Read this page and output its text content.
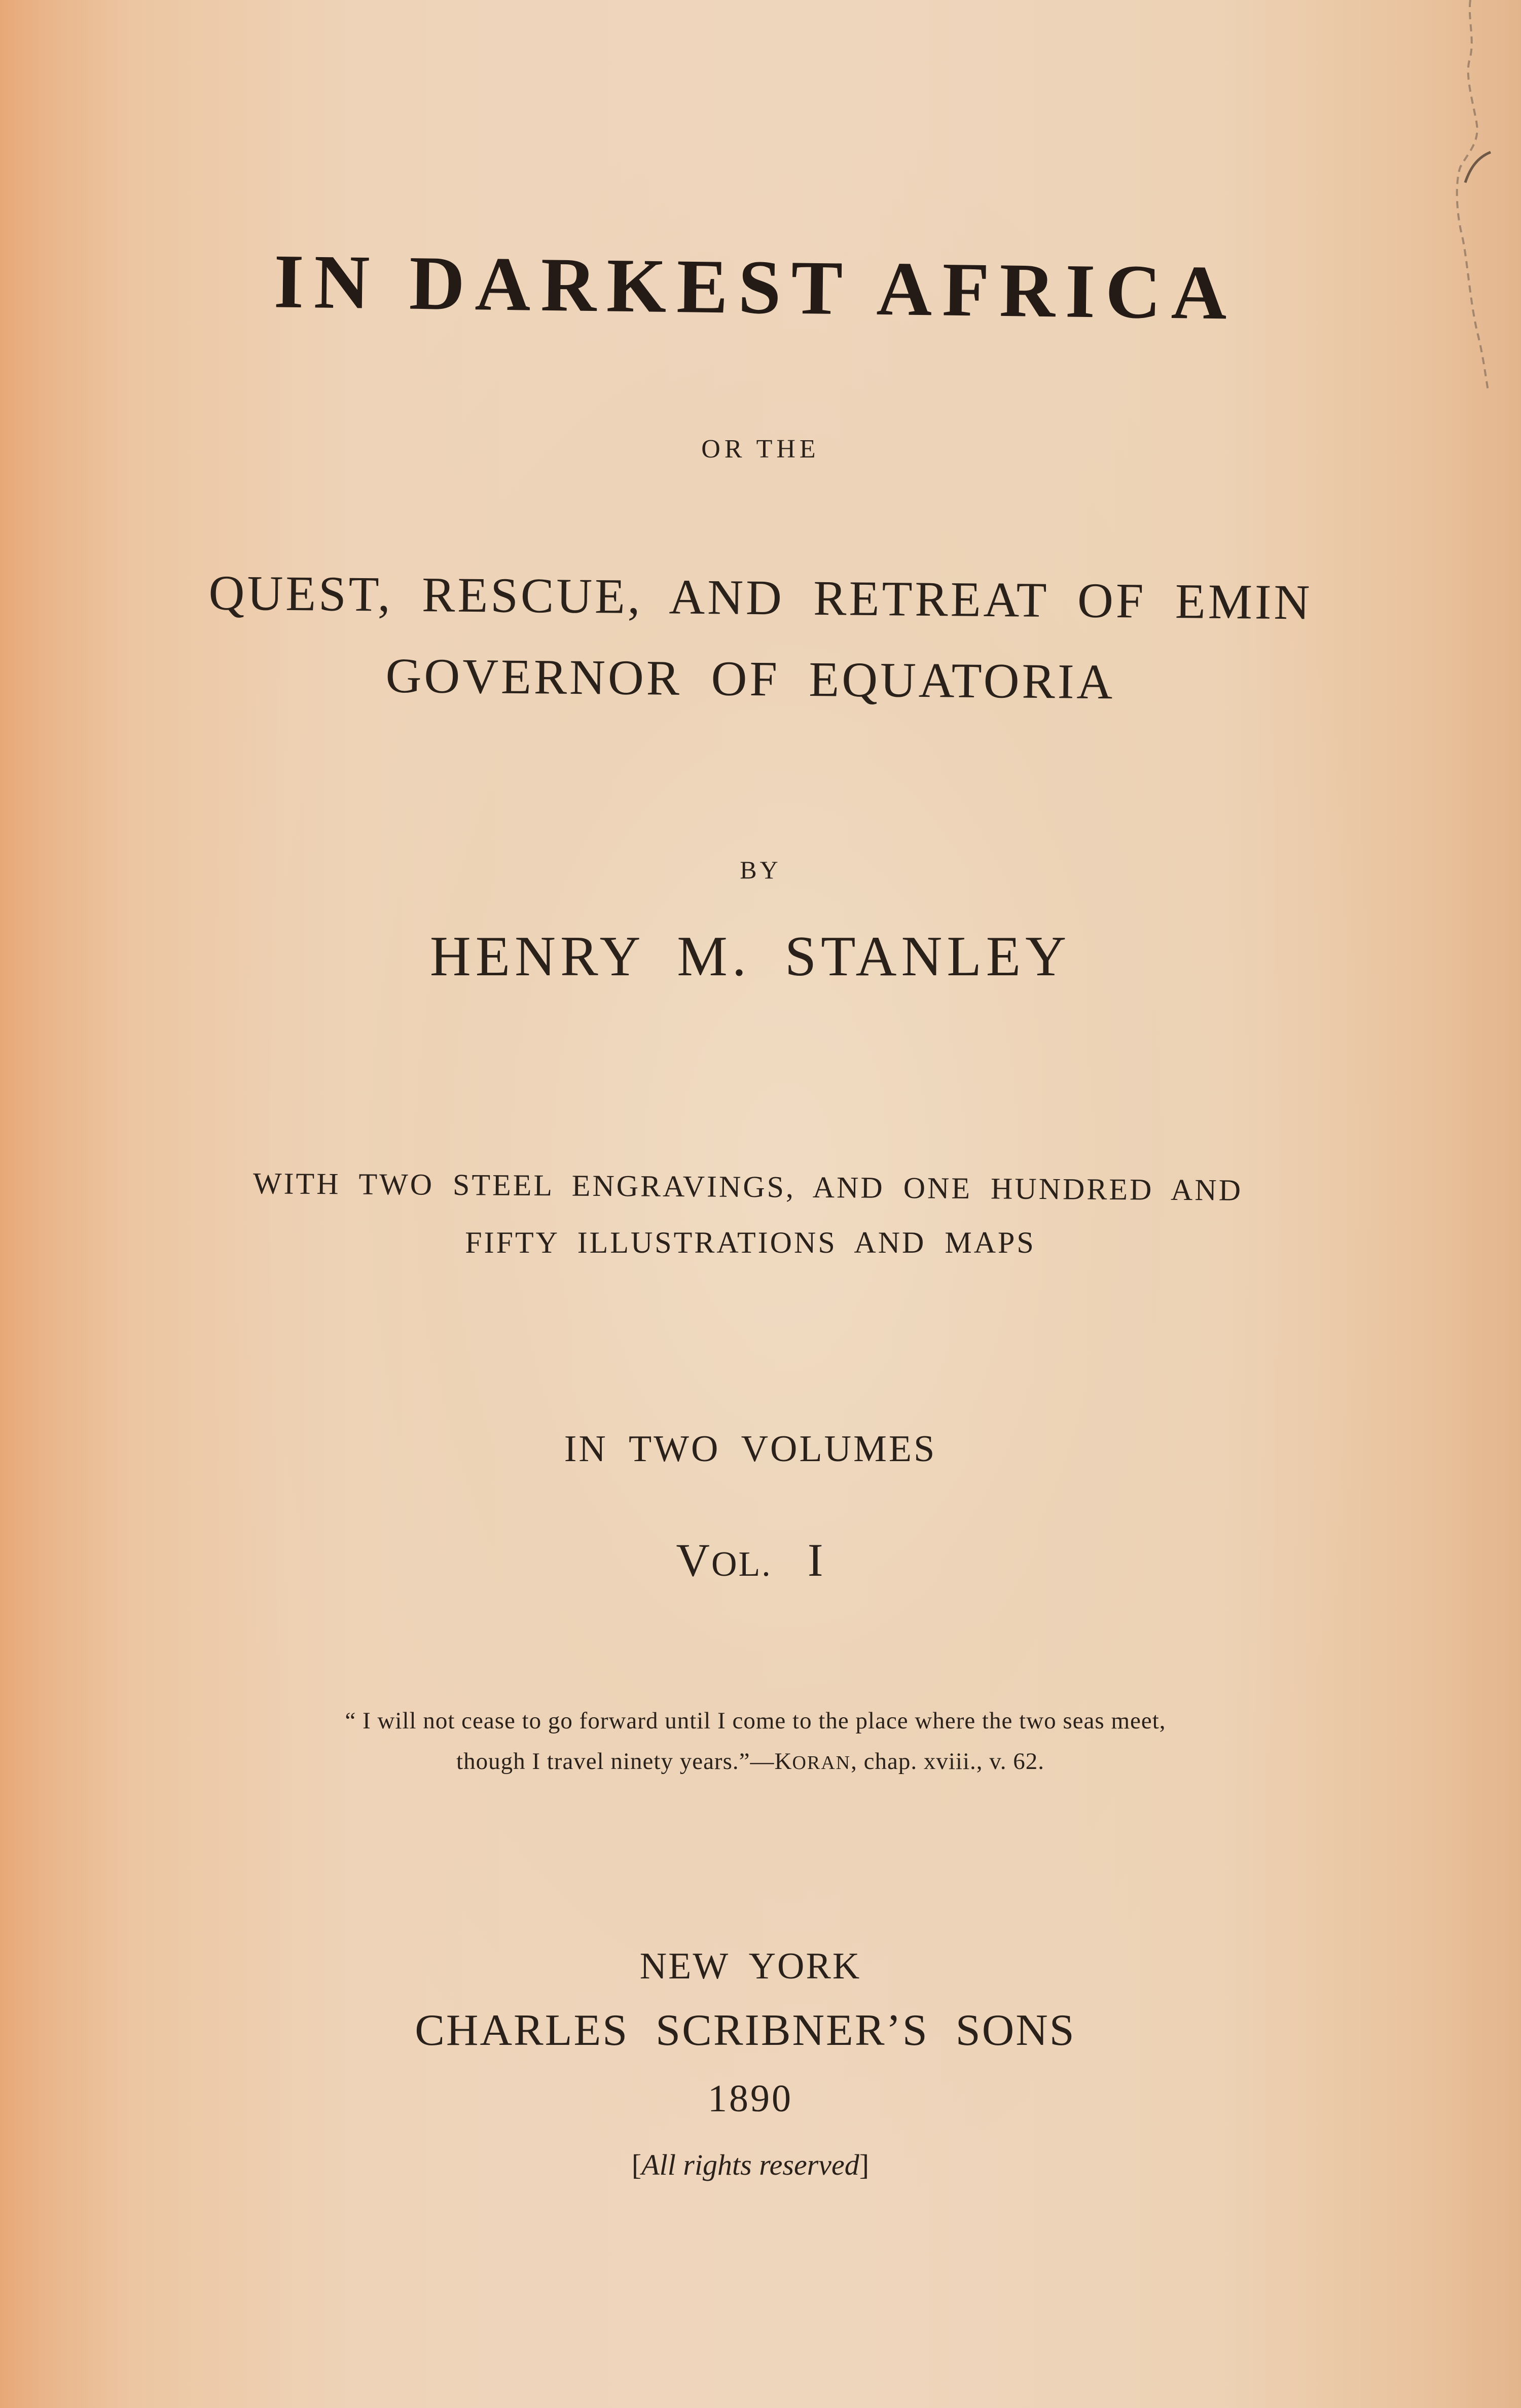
IN DARKEST AFRICA
OR THE
QUEST, RESCUE, AND RETREAT OF EMIN
GOVERNOR OF EQUATORIA
BY
HENRY M. STANLEY
WITH TWO STEEL ENGRAVINGS, AND ONE HUNDRED AND
FIFTY ILLUSTRATIONS AND MAPS
IN TWO VOLUMES
VOL. I
“ I will not cease to go forward until I come to the place where the two seas meet,
though I travel ninety years.”—KORAN, chap. xviii., v. 62.
NEW YORK
CHARLES SCRIBNER’S SONS
1890
[All rights reserved]
